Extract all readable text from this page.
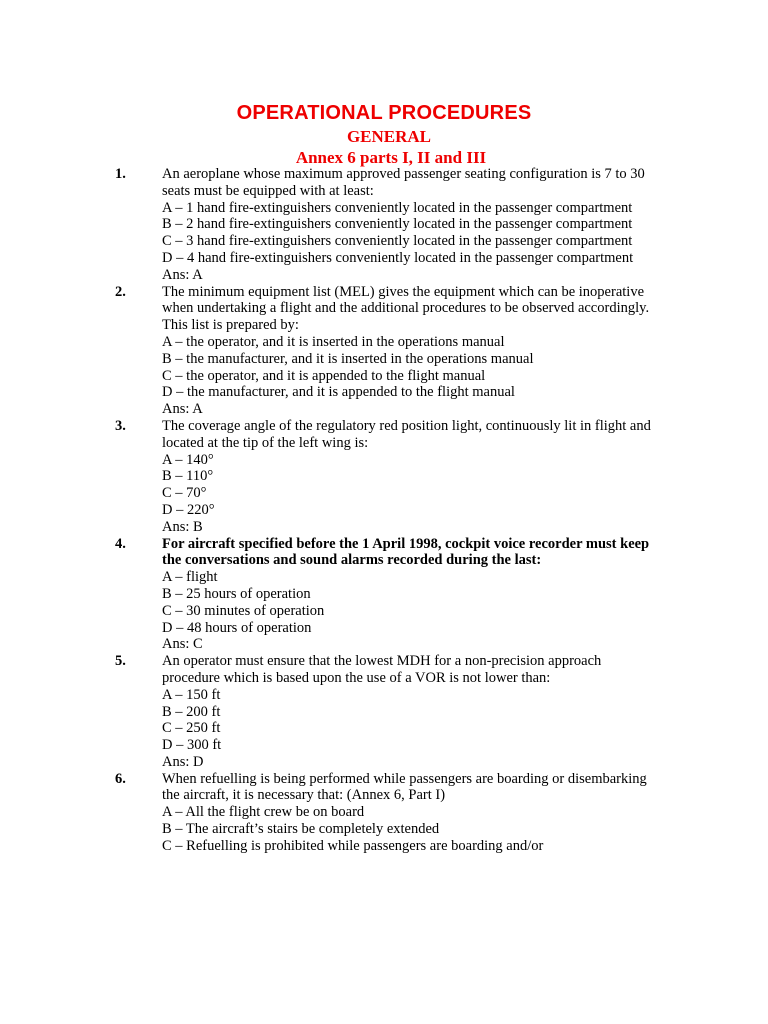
OPERATIONAL PROCEDURES
GENERAL
Annex 6 parts I, II and III
1. An aeroplane whose maximum approved passenger seating configuration is 7 to 30 seats must be equipped with at least:
A – 1 hand fire-extinguishers conveniently located in the passenger compartment
B – 2 hand fire-extinguishers conveniently located in the passenger compartment
C – 3 hand fire-extinguishers conveniently located in the passenger compartment
D – 4 hand fire-extinguishers conveniently located in the passenger compartment
Ans: A
2. The minimum equipment list (MEL) gives the equipment which can be inoperative when undertaking a flight and the additional procedures to be observed accordingly. This list is prepared by:
A – the operator, and it is inserted in the operations manual
B – the manufacturer, and it is inserted in the operations manual
C – the operator, and it is appended to the flight manual
D – the manufacturer, and it is appended to the flight manual
Ans: A
3. The coverage angle of the regulatory red position light, continuously lit in flight and located at the tip of the left wing is:
A – 140°
B – 110°
C – 70°
D – 220°
Ans: B
4. For aircraft specified before the 1 April 1998, cockpit voice recorder must keep the conversations and sound alarms recorded during the last:
A – flight
B – 25 hours of operation
C – 30 minutes of operation
D – 48 hours of operation
Ans: C
5. An operator must ensure that the lowest MDH for a non-precision approach procedure which is based upon the use of a VOR is not lower than:
A – 150 ft
B – 200 ft
C – 250 ft
D – 300 ft
Ans: D
6. When refuelling is being performed while passengers are boarding or disembarking the aircraft, it is necessary that: (Annex 6, Part I)
A – All the flight crew be on board
B – The aircraft’s stairs be completely extended
C – Refuelling is prohibited while passengers are boarding and/or
